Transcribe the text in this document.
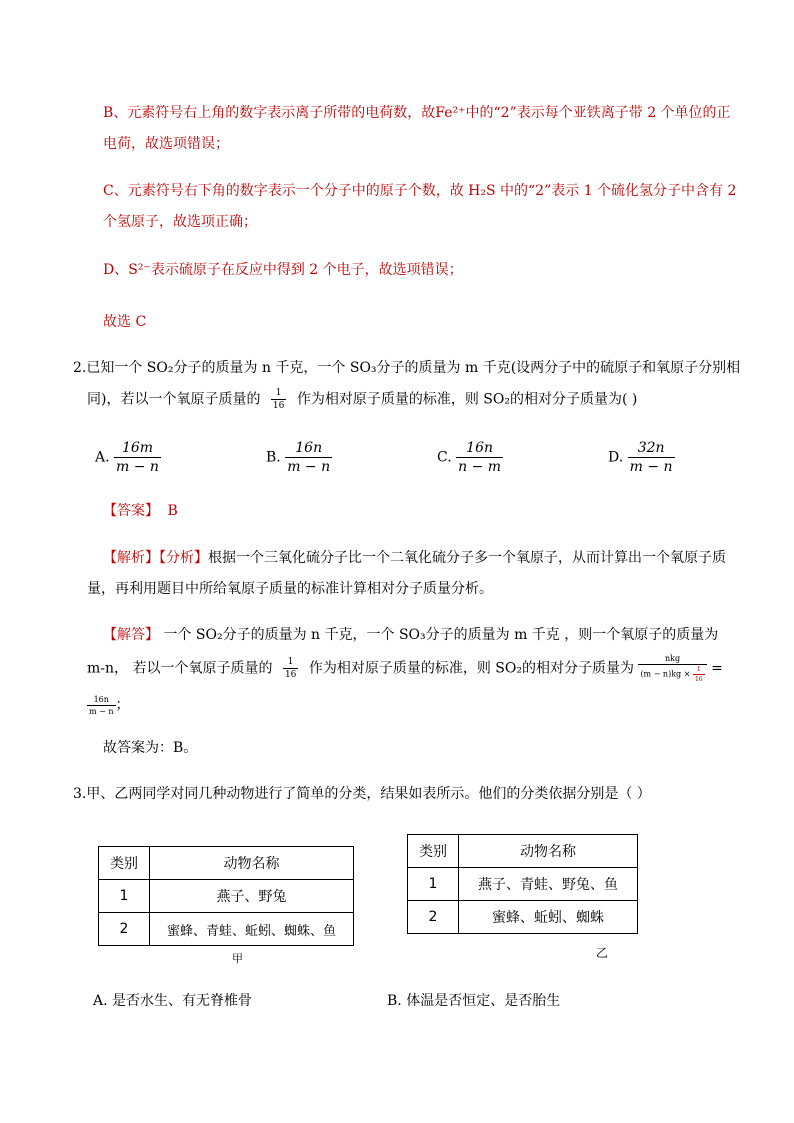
B、元素符号右上角的数字表示离子所带的电荷数，故Fe²⁺中的“2”表示每个亚铁离子带 2 个单位的正
电荷，故选项错误；
C、元素符号右下角的数字表示一个分子中的原子个数，故 H₂S 中的“2”表示 1 个硫化氢分子中含有 2
个氢原子，故选项正确；
D、S²⁻表示硫原子在反应中得到 2 个电子，故选项错误；
故选 C
2.已知一个 SO₂分子的质量为 n 千克，一个 SO₃分子的质量为 m 千克(设两分子中的硫原子和氧原子分别相
同)，若以一个氧原子质量的 $\frac{1}{16}$ 作为相对原子质量的标准，则 SO₂的相对分子质量为( )
A. $\frac{16m}{m - n}$	B. $\frac{16n}{m - n}$	C. $\frac{16n}{n - m}$	D. $\frac{32n}{m - n}$
【答案】 B
【解析】【分析】根据一个三氧化硫分子比一个二氧化硫分子多一个氧原子，从而计算出一个氧原子质
量，再利用题目中所给氧原子质量的标准计算相对分子质量分析。
【解答】 一个 SO₂分子的质量为 n 千克，一个 SO₃分子的质量为 m 千克 ，则一个氧原子的质量为
m-n， 若以一个氧原子质量的 $\frac{1}{16}$ 作为相对原子质量的标准，则 SO₂的相对分子质量为 $\frac{\text{nkg}}{(m - n)kg \times \frac{1}{16}}$ =
$\frac{16n}{m - n}$ ；
故答案为：B。
3.甲、乙两同学对同几种动物进行了简单的分类，结果如表所示。他们的分类依据分别是（ ）
类别	动物名称
1	燕子、野兔
2	蜜蜂、青蛙、蚯蚓、蜘蛛、鱼
甲
类别	动物名称
1	燕子、青蛙、野兔、鱼
2	蜜蜂、蚯蚓、蜘蛛
乙
A. 是否水生、有无脊椎骨	B. 体温是否恒定、是否胎生
